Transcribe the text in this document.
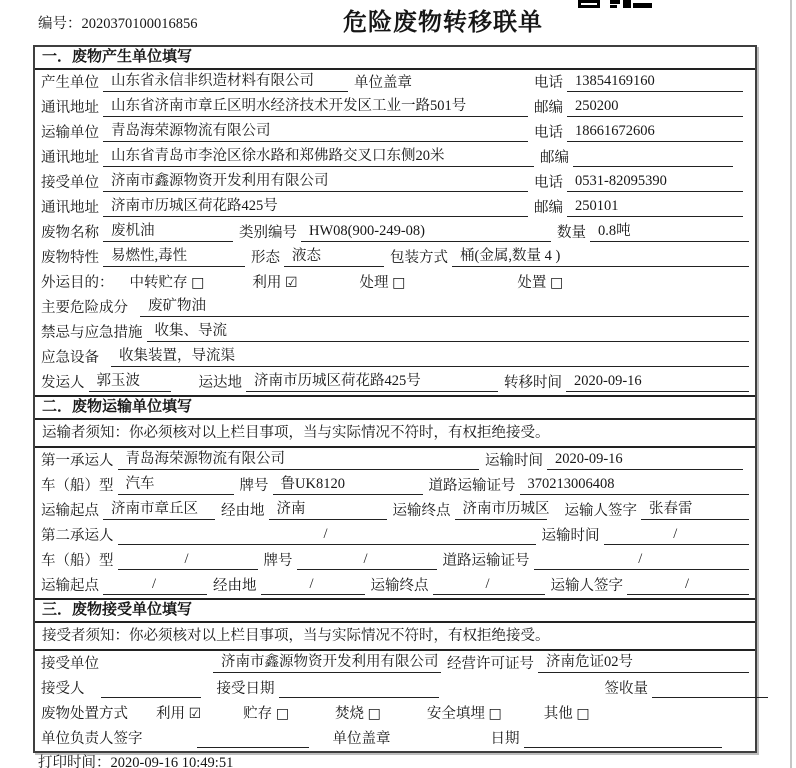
编号：2020370100016856	危险废物转移联单
一．废物产生单位填写
产生单位 山东省永信非织造材料有限公司	单位盖章	电话 13854169160
通讯地址 山东省济南市章丘区明水经济技术开发区工业一路501号	邮编 250200
运输单位 青岛海荣源物流有限公司	电话 18661672606
通讯地址 山东省青岛市李沧区徐水路和郑佛路交叉口东侧20米	邮编
接受单位 济南市鑫源物资开发利用有限公司	电话 0531-82095390
通讯地址 济南市历城区荷花路425号	邮编 250101
废物名称 废机油	类别编号 HW08(900-249-08)	数量 0.8吨
废物特性 易燃性,毒性	形态 液态	包装方式 桶(金属,数量 4 )
外运目的： 中转贮存 □	利用 ☑	处理 □	处置 □
主要危险成分	废矿物油
禁忌与应急措施 收集、导流
应急设备	收集装置，导流渠
发运人 郭玉波	运达地 济南市历城区荷花路425号	转移时间 2020-09-16
二．废物运输单位填写
运输者须知：你必须核对以上栏目事项，当与实际情况不符时，有权拒绝接受。
第一承运人 青岛海荣源物流有限公司	运输时间 2020-09-16
车（船）型 汽车	牌号 鲁UK8120	道路运输证号 370213006408
运输起点 济南市章丘区	经由地 济南	运输终点 济南市历城区 运输人签字 张春雷
第二承运人	/	运输时间	/
车（船）型	/	牌号	/	道路运输证号	/
运输起点	/	经由地	/	运输终点	/	运输人签字	/
三．废物接受单位填写
接受者须知：你必须核对以上栏目事项，当与实际情况不符时，有权拒绝接受。
接受单位	济南市鑫源物资开发利用有限公司 经营许可证号 济南危证02号
接受人	接受日期	签收量
废物处置方式 利用 ☑	贮存 □	焚烧 □	安全填埋 □	其他 □
单位负责人签字	单位盖章	日期
打印时间：2020-09-16 10:49:51
